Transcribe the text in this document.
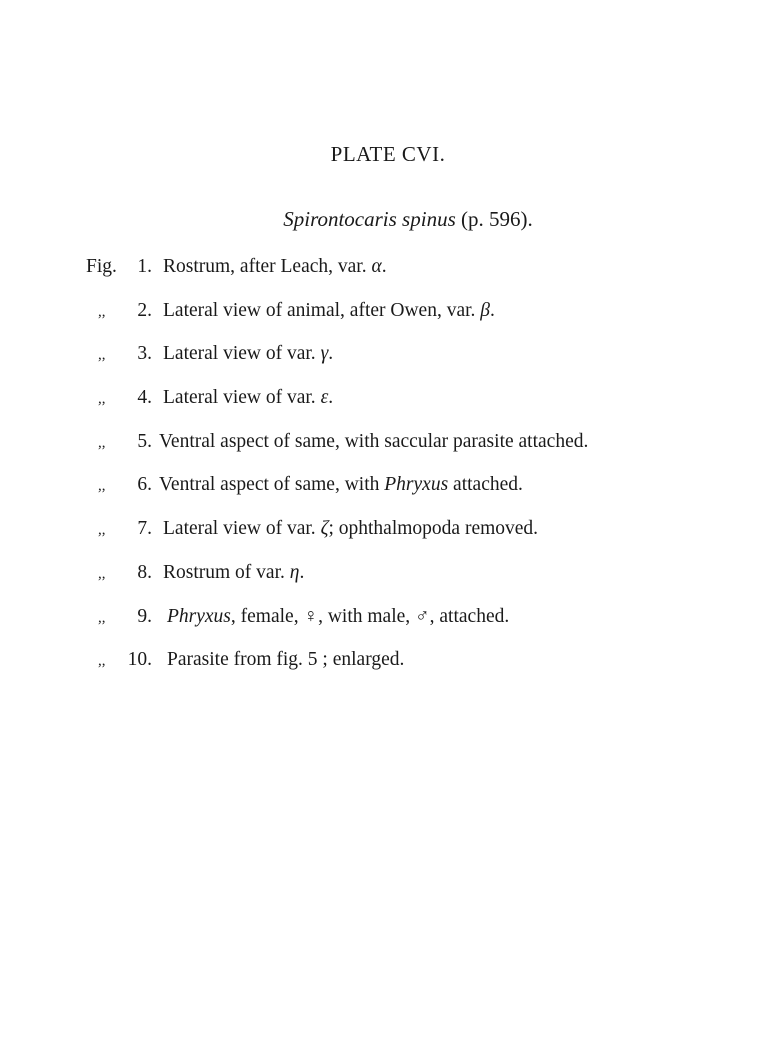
PLATE CVI.
Spirontocaris spinus (p. 596).
Fig. 1. Rostrum, after Leach, var. α.
,, 2. Lateral view of animal, after Owen, var. β.
,, 3. Lateral view of var. γ.
,, 4. Lateral view of var. ε.
,, 5. Ventral aspect of same, with saccular parasite attached.
,, 6. Ventral aspect of same, with Phryxus attached.
,, 7. Lateral view of var. ζ; ophthalmopoda removed.
,, 8. Rostrum of var. η.
,, 9. Phryxus, female, ♀, with male, ♂, attached.
,, 10. Parasite from fig. 5 ; enlarged.
